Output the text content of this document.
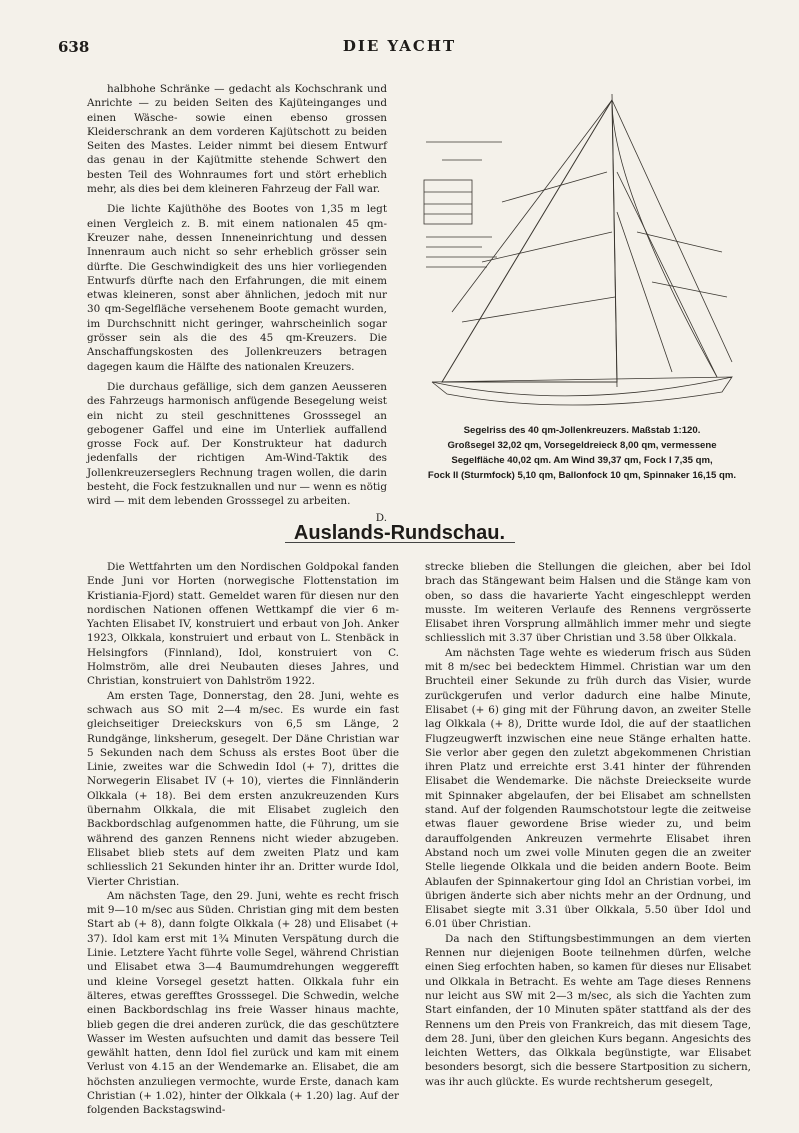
638	DIE YACHT

halbhohe Schränke — gedacht als Kochschrank und Anrichte — zu beiden Seiten des Kajüteinganges und einen Wäsche- sowie einen ebenso grossen Kleiderschrank an dem vorderen Kajütschott zu beiden Seiten des Mastes. Leider nimmt bei diesem Entwurf das genau in der Kajütmitte stehende Schwert den besten Teil des Wohnraumes fort und stört erheblich mehr, als dies bei dem kleineren Fahrzeug der Fall war.

Die lichte Kajüthöhe des Bootes von 1,35 m legt einen Vergleich z. B. mit einem nationalen 45 qm-Kreuzer nahe, dessen Inneneinrichtung und dessen Innenraum auch nicht so sehr erheblich grösser sein dürfte. Die Geschwindigkeit des uns hier vorliegenden Entwurfs dürfte nach den Erfahrungen, die mit einem etwas kleineren, sonst aber ähnlichen, jedoch mit nur 30 qm-Segelfläche versehenem Boote gemacht wurden, im Durchschnitt nicht geringer, wahrscheinlich sogar grösser sein als die des 45 qm-Kreuzers. Die Anschaffungskosten des Jollenkreuzers betragen dagegen kaum die Hälfte des nationalen Kreuzers.

Die durchaus gefällige, sich dem ganzen Aeusseren des Fahrzeugs harmonisch anfügende Besegelung weist ein nicht zu steil geschnittenes Grosssegel an gebogener Gaffel und eine im Unterliek auffallend grosse Fock auf. Der Konstrukteur hat dadurch jedenfalls der richtigen Am-Wind-Taktik des Jollenkreuzerseglers Rechnung tragen wollen, die darin besteht, die Fock festzuknallen und nur — wenn es nötig wird — mit dem lebenden Grosssegel zu arbeiten.

D.

Segelriss des 40 qm-Jollenkreuzers. Maßstab 1:120.
Großsegel 32,02 qm, Vorsegeldreieck 8,00 qm, vermessene
Segelfläche 40,02 qm. Am Wind 39,37 qm, Fock I 7,35 qm,
Fock II (Sturmfock) 5,10 qm, Ballonfock 10 qm, Spinnaker 16,15 qm.
Auslands-Rundschau.

Die Wettfahrten um den Nordischen Goldpokal fanden Ende Juni vor Horten (norwegische Flottenstation im Kristiania-Fjord) statt. Gemeldet waren für diesen nur den nordischen Nationen offenen Wettkampf die vier 6 m-Yachten Elisabet IV, konstruiert und erbaut von Joh. Anker 1923, Olkkala, konstruiert und erbaut von L. Stenbäck in Helsingfors (Finnland), Idol, konstruiert von C. Holmström, alle drei Neubauten dieses Jahres, und Christian, konstruiert von Dahlström 1922.

Am ersten Tage, Donnerstag, den 28. Juni, wehte es schwach aus SO mit 2—4 m/sec. Es wurde ein fast gleichseitiger Dreieckskurs von 6,5 sm Länge, 2 Rundgänge, linksherum, gesegelt. Der Däne Christian war 5 Sekunden nach dem Schuss als erstes Boot über die Linie, zweites war die Schwedin Idol (+ 7), drittes die Norwegerin Elisabet IV (+ 10), viertes die Finnländerin Olkkala (+ 18). Bei dem ersten anzukreuzenden Kurs übernahm Olkkala, die mit Elisabet zugleich den Backbordschlag aufgenommen hatte, die Führung, um sie während des ganzen Rennens nicht wieder abzugeben. Elisabet blieb stets auf dem zweiten Platz und kam schliesslich 21 Sekunden hinter ihr an. Dritter wurde Idol, Vierter Christian.

Am nächsten Tage, den 29. Juni, wehte es recht frisch mit 9—10 m/sec aus Süden. Christian ging mit dem besten Start ab (+ 8), dann folgte Olkkala (+ 28) und Elisabet (+ 37). Idol kam erst mit 1¾ Minuten Verspätung durch die Linie. Letztere Yacht führte volle Segel, während Christian und Elisabet etwa 3—4 Baumumdrehungen weggerefft und kleine Vorsegel gesetzt hatten. Olkkala fuhr ein älteres, etwas gerefftes Grosssegel. Die Schwedin, welche einen Backbordschlag ins freie Wasser hinaus machte, blieb gegen die drei anderen zurück, die das geschütztere Wasser im Westen aufsuchten und damit das bessere Teil gewählt hatten, denn Idol fiel zurück und kam mit einem Verlust von 4.15 an der Wendemarke an. Elisabet, die am höchsten anzuliegen vermochte, wurde Erste, danach kam Christian (+ 1.02), hinter der Olkkala (+ 1.20) lag. Auf der folgenden Backstagswind-

strecke blieben die Stellungen die gleichen, aber bei Idol brach das Stängewant beim Halsen und die Stänge kam von oben, so dass die havarierte Yacht eingeschleppt werden musste. Im weiteren Verlaufe des Rennens vergrösserte Elisabet ihren Vorsprung allmählich immer mehr und siegte schliesslich mit 3.37 über Christian und 3.58 über Olkkala.

Am nächsten Tage wehte es wiederum frisch aus Süden mit 8 m/sec bei bedecktem Himmel. Christian war um den Bruchteil einer Sekunde zu früh durch das Visier, wurde zurückgerufen und verlor dadurch eine halbe Minute, Elisabet (+ 6) ging mit der Führung davon, an zweiter Stelle lag Olkkala (+ 8), Dritte wurde Idol, die auf der staatlichen Flugzeugwerft inzwischen eine neue Stänge erhalten hatte. Sie verlor aber gegen den zuletzt abgekommenen Christian ihren Platz und erreichte erst 3.41 hinter der führenden Elisabet die Wendemarke. Die nächste Dreieckseite wurde mit Spinnaker abgelaufen, der bei Elisabet am schnellsten stand. Auf der folgenden Raumschotstour legte die zeitweise etwas flauer gewordene Brise wieder zu, und beim darauffolgenden Ankreuzen vermehrte Elisabet ihren Abstand noch um zwei volle Minuten gegen die an zweiter Stelle liegende Olkkala und die beiden andern Boote. Beim Ablaufen der Spinnakertour ging Idol an Christian vorbei, im übrigen änderte sich aber nichts mehr an der Ordnung, und Elisabet siegte mit 3.31 über Olkkala, 5.50 über Idol und 6.01 über Christian.

Da nach den Stiftungsbestimmungen an dem vierten Rennen nur diejenigen Boote teilnehmen dürfen, welche einen Sieg erfochten haben, so kamen für dieses nur Elisabet und Olkkala in Betracht. Es wehte am Tage dieses Rennens nur leicht aus SW mit 2—3 m/sec, als sich die Yachten zum Start einfanden, der 10 Minuten später stattfand als der des Rennens um den Preis von Frankreich, das mit diesem Tage, dem 28. Juni, über den gleichen Kurs begann. Angesichts des leichten Wetters, das Olkkala begünstigte, war Elisabet besonders besorgt, sich die bessere Startposition zu sichern, was ihr auch glückte. Es wurde rechtsherum gesegelt,
